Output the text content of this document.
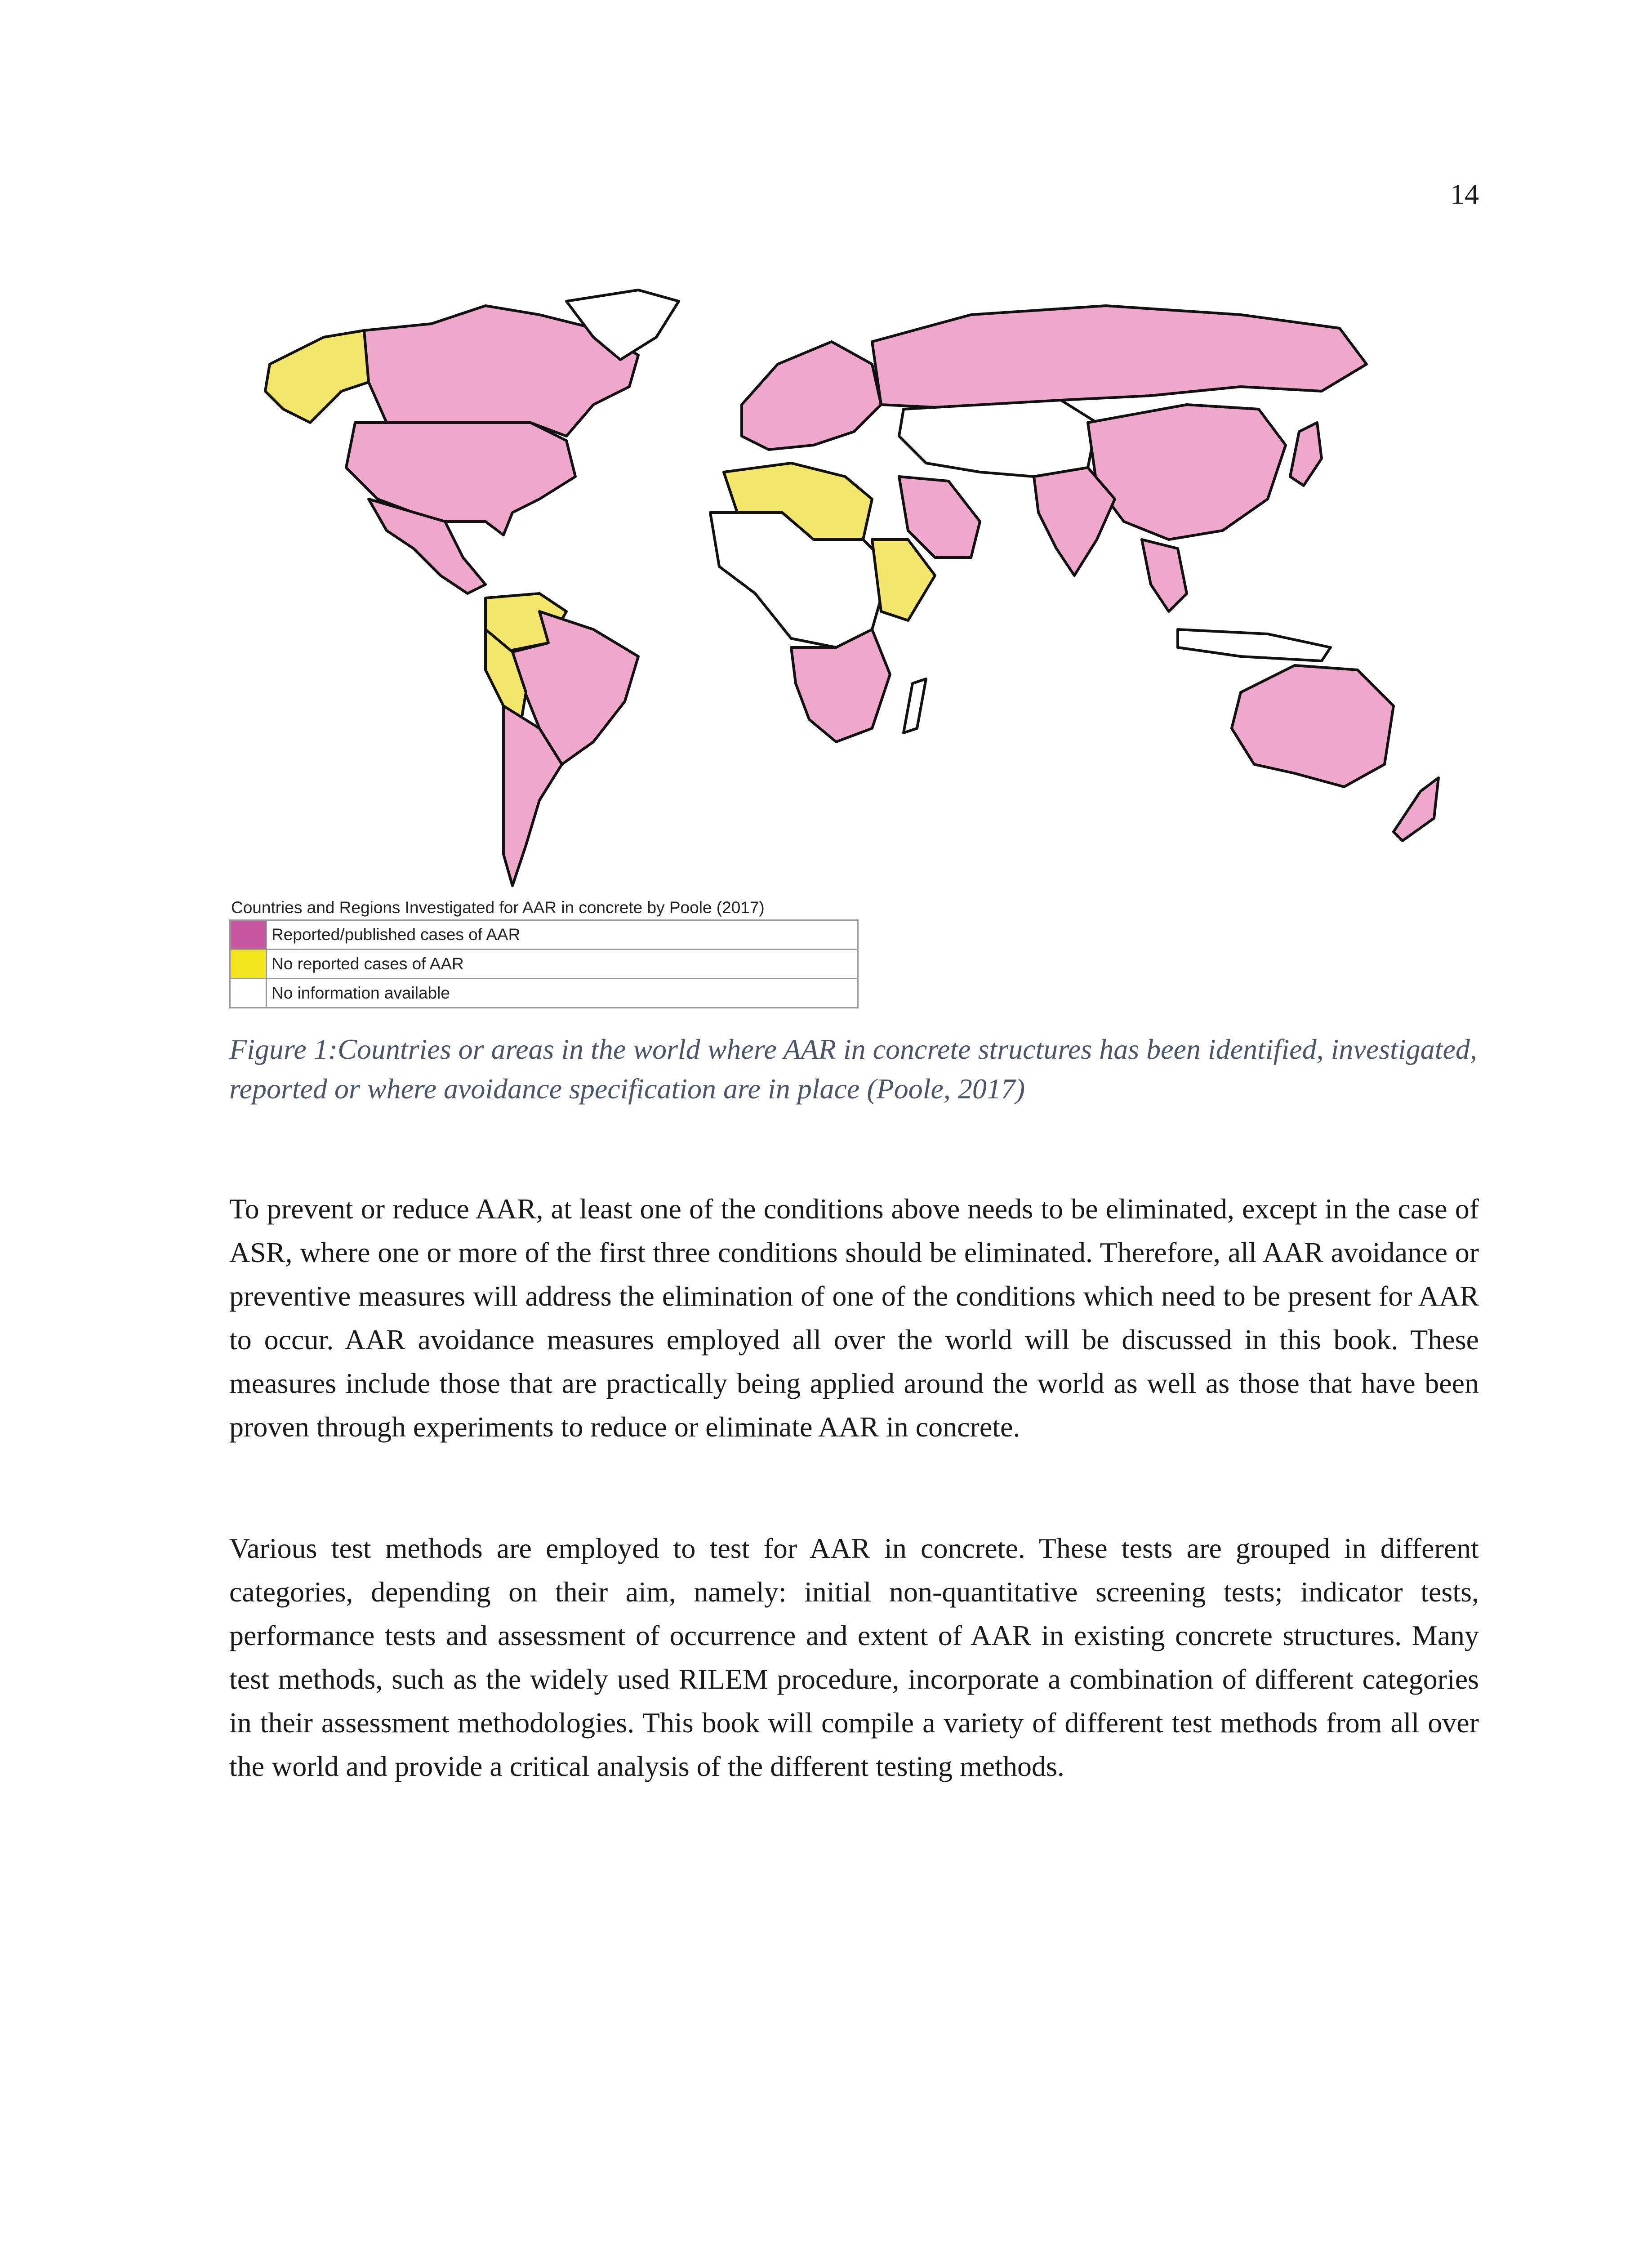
14
Countries and Regions Investigated for AAR in concrete by Poole (2017)
Reported/published cases of AAR
No reported cases of AAR
No information available
Figure 1:Countries or areas in the world where AAR in concrete structures has been identified, investigated, reported or where avoidance specification are in place (Poole, 2017)
To prevent or reduce AAR, at least one of the conditions above needs to be eliminated, except in the case of ASR, where one or more of the first three conditions should be eliminated. Therefore, all AAR avoidance or preventive measures will address the elimination of one of the conditions which need to be present for AAR to occur. AAR avoidance measures employed all over the world will be discussed in this book. These measures include those that are practically being applied around the world as well as those that have been proven through experiments to reduce or eliminate AAR in concrete.
Various test methods are employed to test for AAR in concrete. These tests are grouped in different categories, depending on their aim, namely: initial non-quantitative screening tests; indicator tests, performance tests and assessment of occurrence and extent of AAR in existing concrete structures. Many test methods, such as the widely used RILEM procedure, incorporate a combination of different categories in their assessment methodologies. This book will compile a variety of different test methods from all over the world and provide a critical analysis of the different testing methods.
